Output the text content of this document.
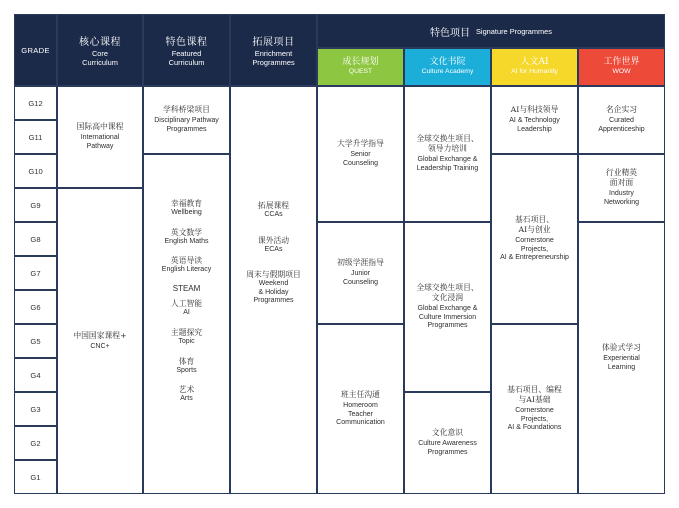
GRADE
核心课程
Core
Curriculum
特色课程
Featured
Curriculum
拓展项目
Enrichment
Programmes
特色项目 Signature Programmes
成长规划
QUEST
文化书院
Culture Academy
人文AI
AI for Humanity
工作世界
WOW
G12
G11
G10
G9
G8
G7
G6
G5
G4
G3
G2
G1
国际高中课程
International
Pathway
中国国家课程+
CNC+
学科桥梁项目
Disciplinary Pathway
Programmes
幸福教育
Wellbeing
英文数学
English Maths
英语导读
English Literacy
STEAM
人工智能
AI
主题探究
Topic
体育
Sports
艺术
Arts
拓展课程
CCAs
课外活动
ECAs
周末与假期项目
Weekend
& Holiday
Programmes
大学升学指导
Senior
Counseling
初级学涯指导
Junior
Counseling
班主任沟通
Homeroom
Teacher
Communication
全球交换生项目、
领导力培训
Global Exchange &
Leadership Training
全球交换生项目、
文化浸润
Global Exchange &
Culture Immersion
Programmes
文化意识
Culture Awareness
Programmes
AI与科技领导
AI & Technology
Leadership
基石项目、
AI与创业
Cornerstone
Projects,
AI & Entrepreneurship
基石项目、编程
与AI基础
Cornerstone
Projects,
AI & Foundations
名企实习
Curated
Apprenticeship
行业精英
面对面
Industry
Networking
体验式学习
Experiential
Learning
